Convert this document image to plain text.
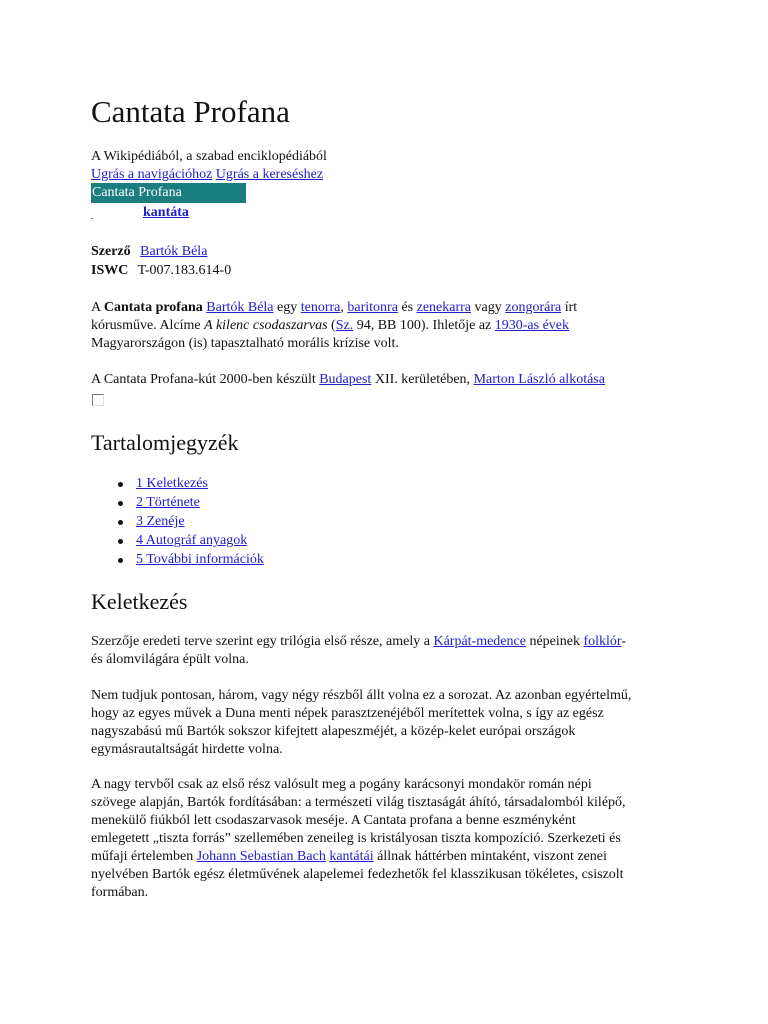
Cantata Profana
A Wikipédiából, a szabad enciklopédiából
Ugrás a navigációhoz Ugrás a kereséshez
Cantata Profana
kantáta
Szerző Bartók Béla
ISWC T-007.183.614-0
A Cantata profana Bartók Béla egy tenorra, baritonra és zenekarra vagy zongorára írt
kórusműve. Alcíme A kilenc csodaszarvas (Sz. 94, BB 100). Ihletője az 1930-as évek
Magyarországon (is) tapasztalható morális krízise volt.
A Cantata Profana-kút 2000-ben készült Budapest XII. kerületében, Marton László alkotása
Tartalomjegyzék
1 Keletkezés
2 Története
3 Zenéje
4 Autográf anyagok
5 További információk
Keletkezés
Szerzője eredeti terve szerint egy trilógia első része, amely a Kárpát-medence népeinek folklór-
és álomvilágára épült volna.
Nem tudjuk pontosan, három, vagy négy részből állt volna ez a sorozat. Az azonban egyértelmű,
hogy az egyes művek a Duna menti népek parasztzenéjéből merítettek volna, s így az egész
nagyszabású mű Bartók sokszor kifejtett alapeszméjét, a közép-kelet európai országok
egymásrautaltságát hirdette volna.
A nagy tervből csak az első rész valósult meg a pogány karácsonyi mondakör román népi
szövege alapján, Bartók fordításában: a természeti világ tisztaságát áhító, társadalomból kilépő,
menekülő fiúkból lett csodaszarvasok meséje. A Cantata profana a benne eszményként
emlegetett „tiszta forrás” szellemében zeneileg is kristályosan tiszta kompozíció. Szerkezeti és
műfaji értelemben Johann Sebastian Bach kantátái állnak háttérben mintaként, viszont zenei
nyelvében Bartók egész életművének alapelemei fedezhetők fel klasszikusan tökéletes, csiszolt
formában.
